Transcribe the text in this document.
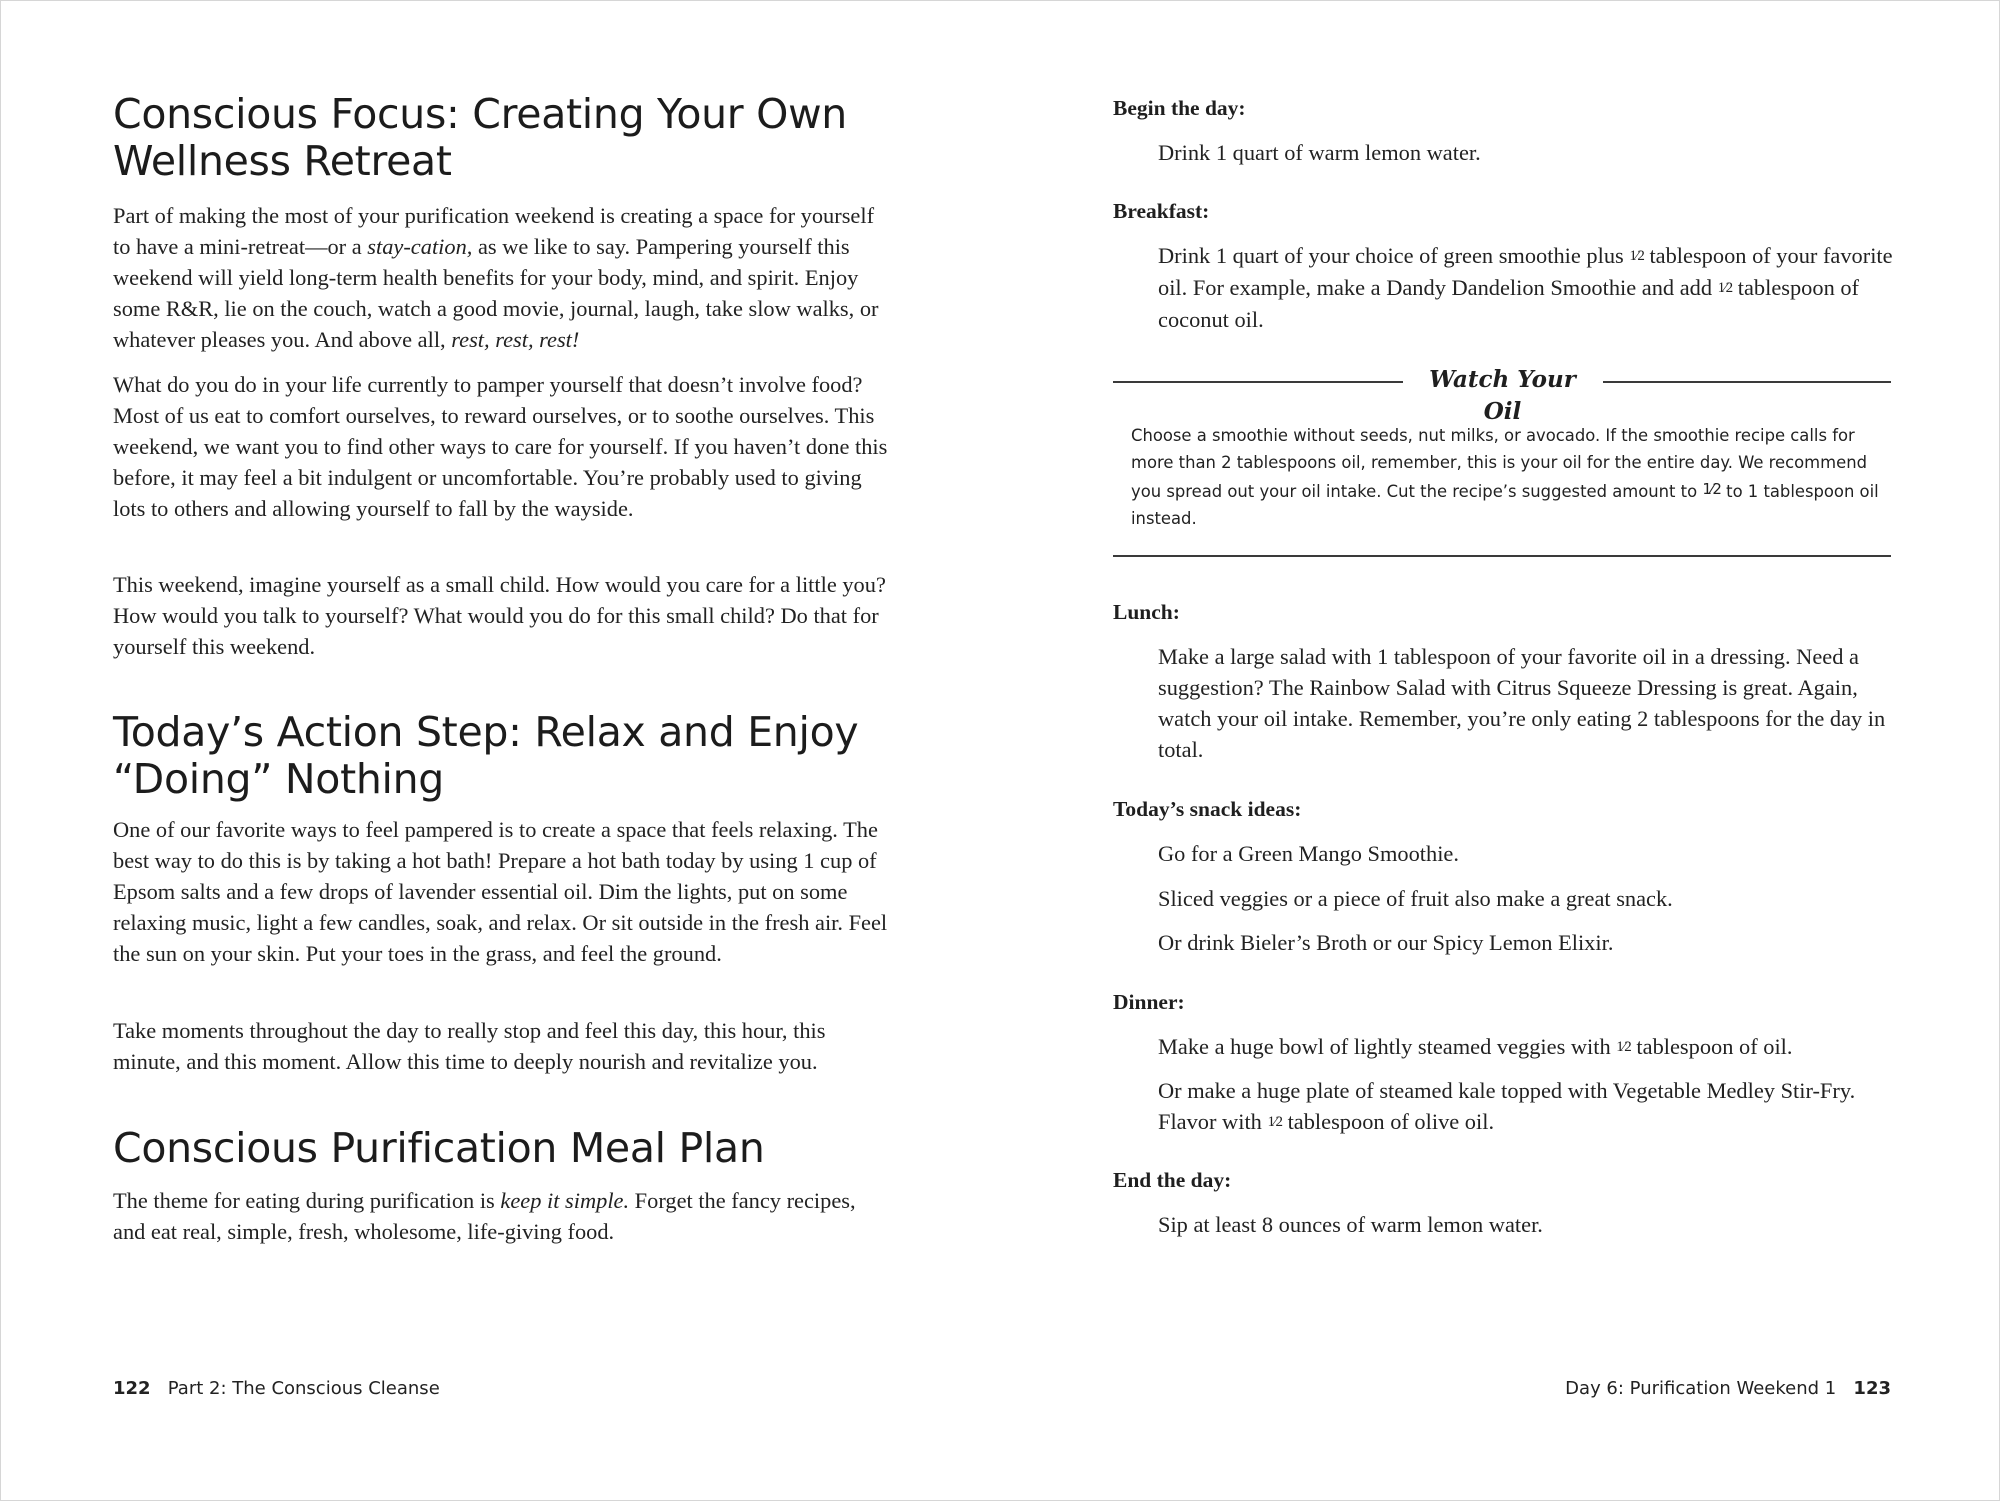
Conscious Focus: Creating Your Own Wellness Retreat

Part of making the most of your purification weekend is creating a space for yourself to have a mini-retreat—or a stay-cation, as we like to say. Pampering yourself this weekend will yield long-term health benefits for your body, mind, and spirit. Enjoy some R&R, lie on the couch, watch a good movie, journal, laugh, take slow walks, or whatever pleases you. And above all, rest, rest, rest!

What do you do in your life currently to pamper yourself that doesn’t involve food? Most of us eat to comfort ourselves, to reward ourselves, or to soothe ourselves. This weekend, we want you to find other ways to care for yourself. If you haven’t done this before, it may feel a bit indulgent or uncomfortable. You’re probably used to giving lots to others and allowing yourself to fall by the wayside.

This weekend, imagine yourself as a small child. How would you care for a little you? How would you talk to yourself? What would you do for this small child? Do that for yourself this weekend.

Today’s Action Step: Relax and Enjoy “Doing” Nothing

One of our favorite ways to feel pampered is to create a space that feels relaxing. The best way to do this is by taking a hot bath! Prepare a hot bath today by using 1 cup of Epsom salts and a few drops of lavender essential oil. Dim the lights, put on some relaxing music, light a few candles, soak, and relax. Or sit outside in the fresh air. Feel the sun on your skin. Put your toes in the grass, and feel the ground.

Take moments throughout the day to really stop and feel this day, this hour, this minute, and this moment. Allow this time to deeply nourish and revitalize you.

Conscious Purification Meal Plan

The theme for eating during purification is keep it simple. Forget the fancy recipes, and eat real, simple, fresh, wholesome, life-giving food.

122 Part 2: The Conscious Cleanse

Begin the day:

Drink 1 quart of warm lemon water.

Breakfast:

Drink 1 quart of your choice of green smoothie plus 1⁄2 tablespoon of your favorite oil. For example, make a Dandy Dandelion Smoothie and add 1⁄2 tablespoon of coconut oil.

Watch Your Oil

Choose a smoothie without seeds, nut milks, or avocado. If the smoothie recipe calls for more than 2 tablespoons oil, remember, this is your oil for the entire day. We recommend you spread out your oil intake. Cut the recipe’s suggested amount to 1⁄2 to 1 tablespoon oil instead.

Lunch:

Make a large salad with 1 tablespoon of your favorite oil in a dressing. Need a suggestion? The Rainbow Salad with Citrus Squeeze Dressing is great. Again, watch your oil intake. Remember, you’re only eating 2 tablespoons for the day in total.

Today’s snack ideas:

Go for a Green Mango Smoothie.

Sliced veggies or a piece of fruit also make a great snack.

Or drink Bieler’s Broth or our Spicy Lemon Elixir.

Dinner:

Make a huge bowl of lightly steamed veggies with 1⁄2 tablespoon of oil.

Or make a huge plate of steamed kale topped with Vegetable Medley Stir-Fry. Flavor with 1⁄2 tablespoon of olive oil.

End the day:

Sip at least 8 ounces of warm lemon water.

Day 6: Purification Weekend 1 123
